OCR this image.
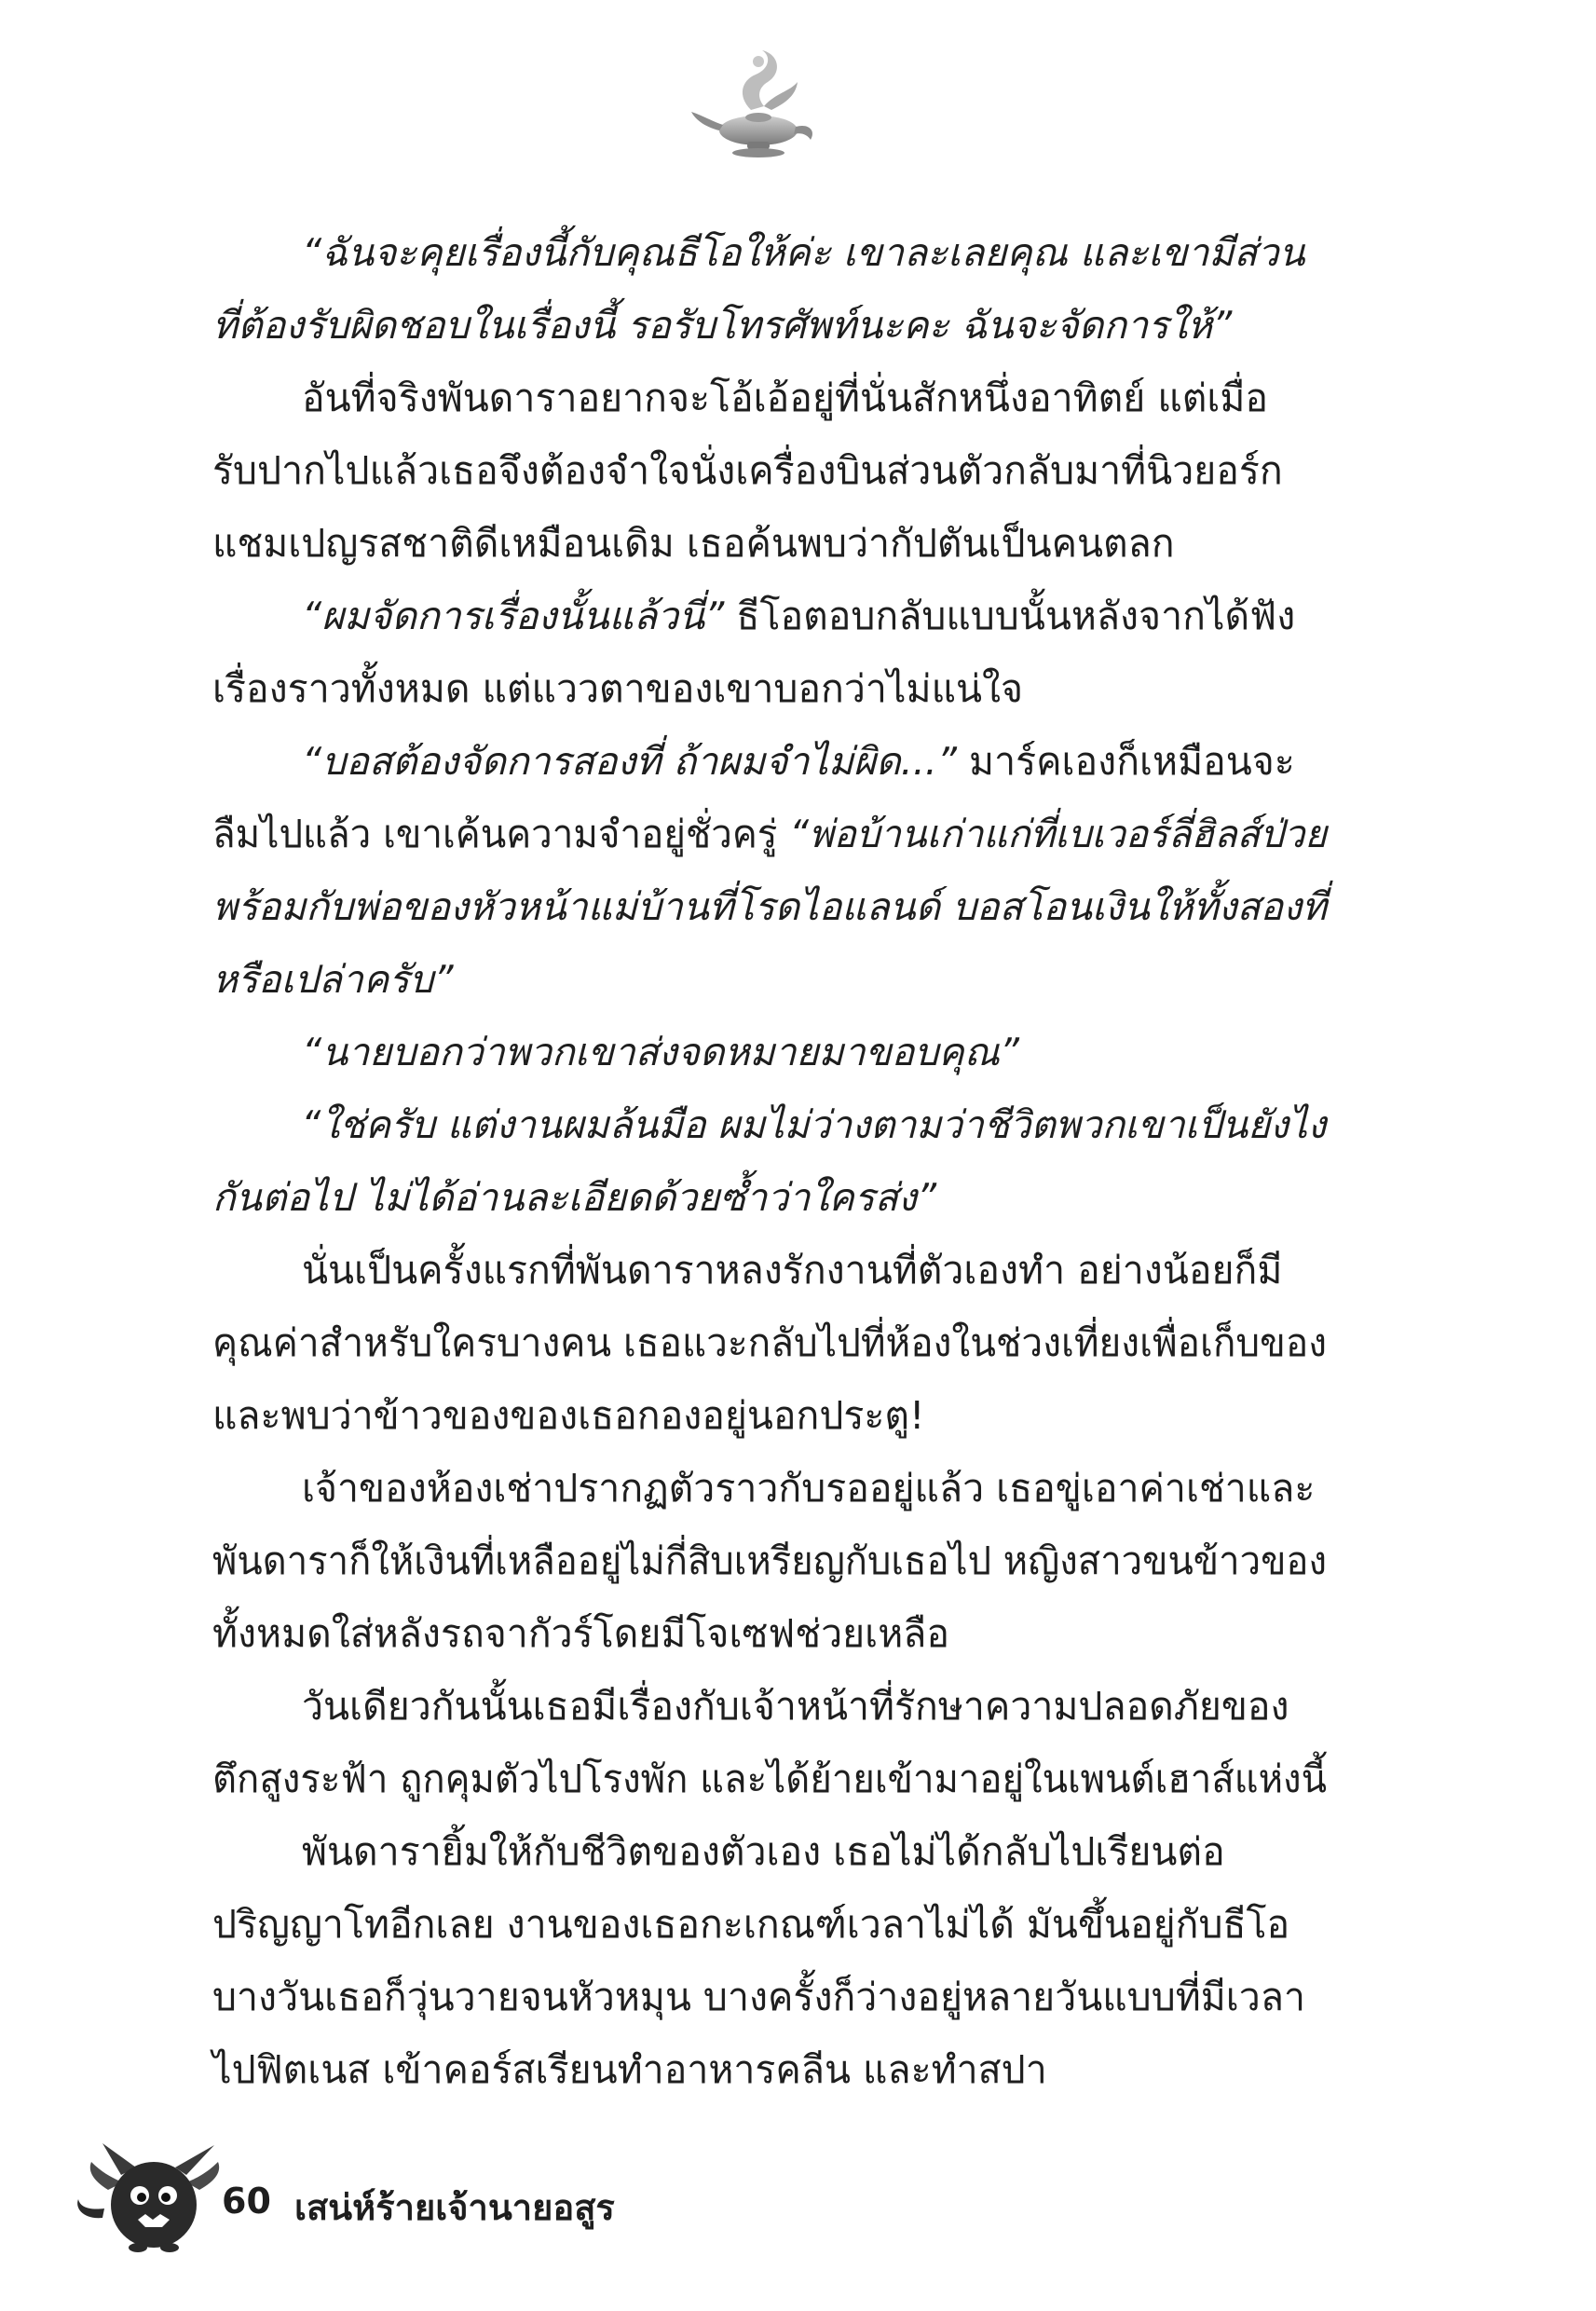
“ฉันจะคุยเรื่องนี้กับคุณธีโอให้ค่ะ เขาละเลยคุณ และเขามีส่วน
ที่ต้องรับผิดชอบในเรื่องนี้ รอรับโทรศัพท์นะคะ ฉันจะจัดการให้”
อันที่จริงพันดาราอยากจะโอ้เอ้อยู่ที่นั่นสักหนึ่งอาทิตย์ แต่เมื่อ
รับปากไปแล้วเธอจึงต้องจำใจนั่งเครื่องบินส่วนตัวกลับมาที่นิวยอร์ก
แชมเปญรสชาติดีเหมือนเดิม เธอค้นพบว่ากัปตันเป็นคนตลก
“ผมจัดการเรื่องนั้นแล้วนี่” ธีโอตอบกลับแบบนั้นหลังจากได้ฟัง
เรื่องราวทั้งหมด แต่แววตาของเขาบอกว่าไม่แน่ใจ
“บอสต้องจัดการสองที่ ถ้าผมจำไม่ผิด...” มาร์คเองก็เหมือนจะ
ลืมไปแล้ว เขาเค้นความจำอยู่ชั่วครู่ “พ่อบ้านเก่าแก่ที่เบเวอร์ลี่ฮิลส์ป่วย
พร้อมกับพ่อของหัวหน้าแม่บ้านที่โรดไอแลนด์ บอสโอนเงินให้ทั้งสองที่
หรือเปล่าครับ”
“นายบอกว่าพวกเขาส่งจดหมายมาขอบคุณ”
“ใช่ครับ แต่งานผมล้นมือ ผมไม่ว่างตามว่าชีวิตพวกเขาเป็นยังไง
กันต่อไป ไม่ได้อ่านละเอียดด้วยซ้ำว่าใครส่ง”
นั่นเป็นครั้งแรกที่พันดาราหลงรักงานที่ตัวเองทำ อย่างน้อยก็มี
คุณค่าสำหรับใครบางคน เธอแวะกลับไปที่ห้องในช่วงเที่ยงเพื่อเก็บของ
และพบว่าข้าวของของเธอกองอยู่นอกประตู!
เจ้าของห้องเช่าปรากฏตัวราวกับรออยู่แล้ว เธอขู่เอาค่าเช่าและ
พันดาราก็ให้เงินที่เหลืออยู่ไม่กี่สิบเหรียญกับเธอไป หญิงสาวขนข้าวของ
ทั้งหมดใส่หลังรถจากัวร์โดยมีโจเซฟช่วยเหลือ
วันเดียวกันนั้นเธอมีเรื่องกับเจ้าหน้าที่รักษาความปลอดภัยของ
ตึกสูงระฟ้า ถูกคุมตัวไปโรงพัก และได้ย้ายเข้ามาอยู่ในเพนต์เฮาส์แห่งนี้
พันดารายิ้มให้กับชีวิตของตัวเอง เธอไม่ได้กลับไปเรียนต่อ
ปริญญาโทอีกเลย งานของเธอกะเกณฑ์เวลาไม่ได้ มันขึ้นอยู่กับธีโอ
บางวันเธอก็วุ่นวายจนหัวหมุน บางครั้งก็ว่างอยู่หลายวันแบบที่มีเวลา
ไปฟิตเนส เข้าคอร์สเรียนทำอาหารคลีน และทำสปา
60 เสน่ห์ร้ายเจ้านายอสูร
